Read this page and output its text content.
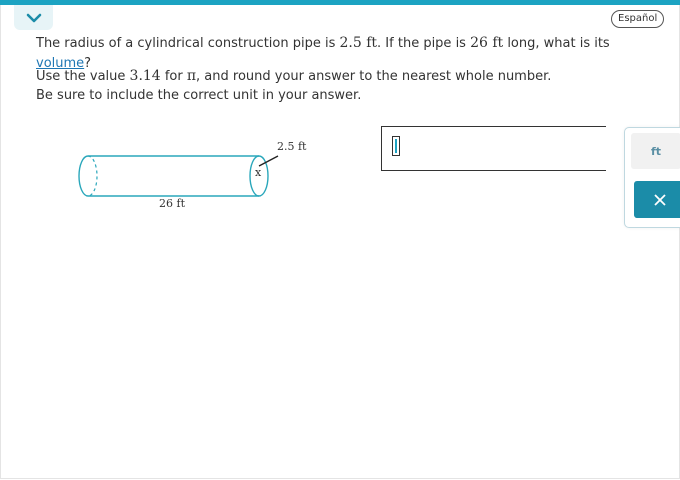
Español
The radius of a cylindrical construction pipe is 2.5 ft. If the pipe is 26 ft long, what is its volume?
Use the value 3.14 for π, and round your answer to the nearest whole number.
Be sure to include the correct unit in your answer.
x
2.5 ft
26 ft
ft
